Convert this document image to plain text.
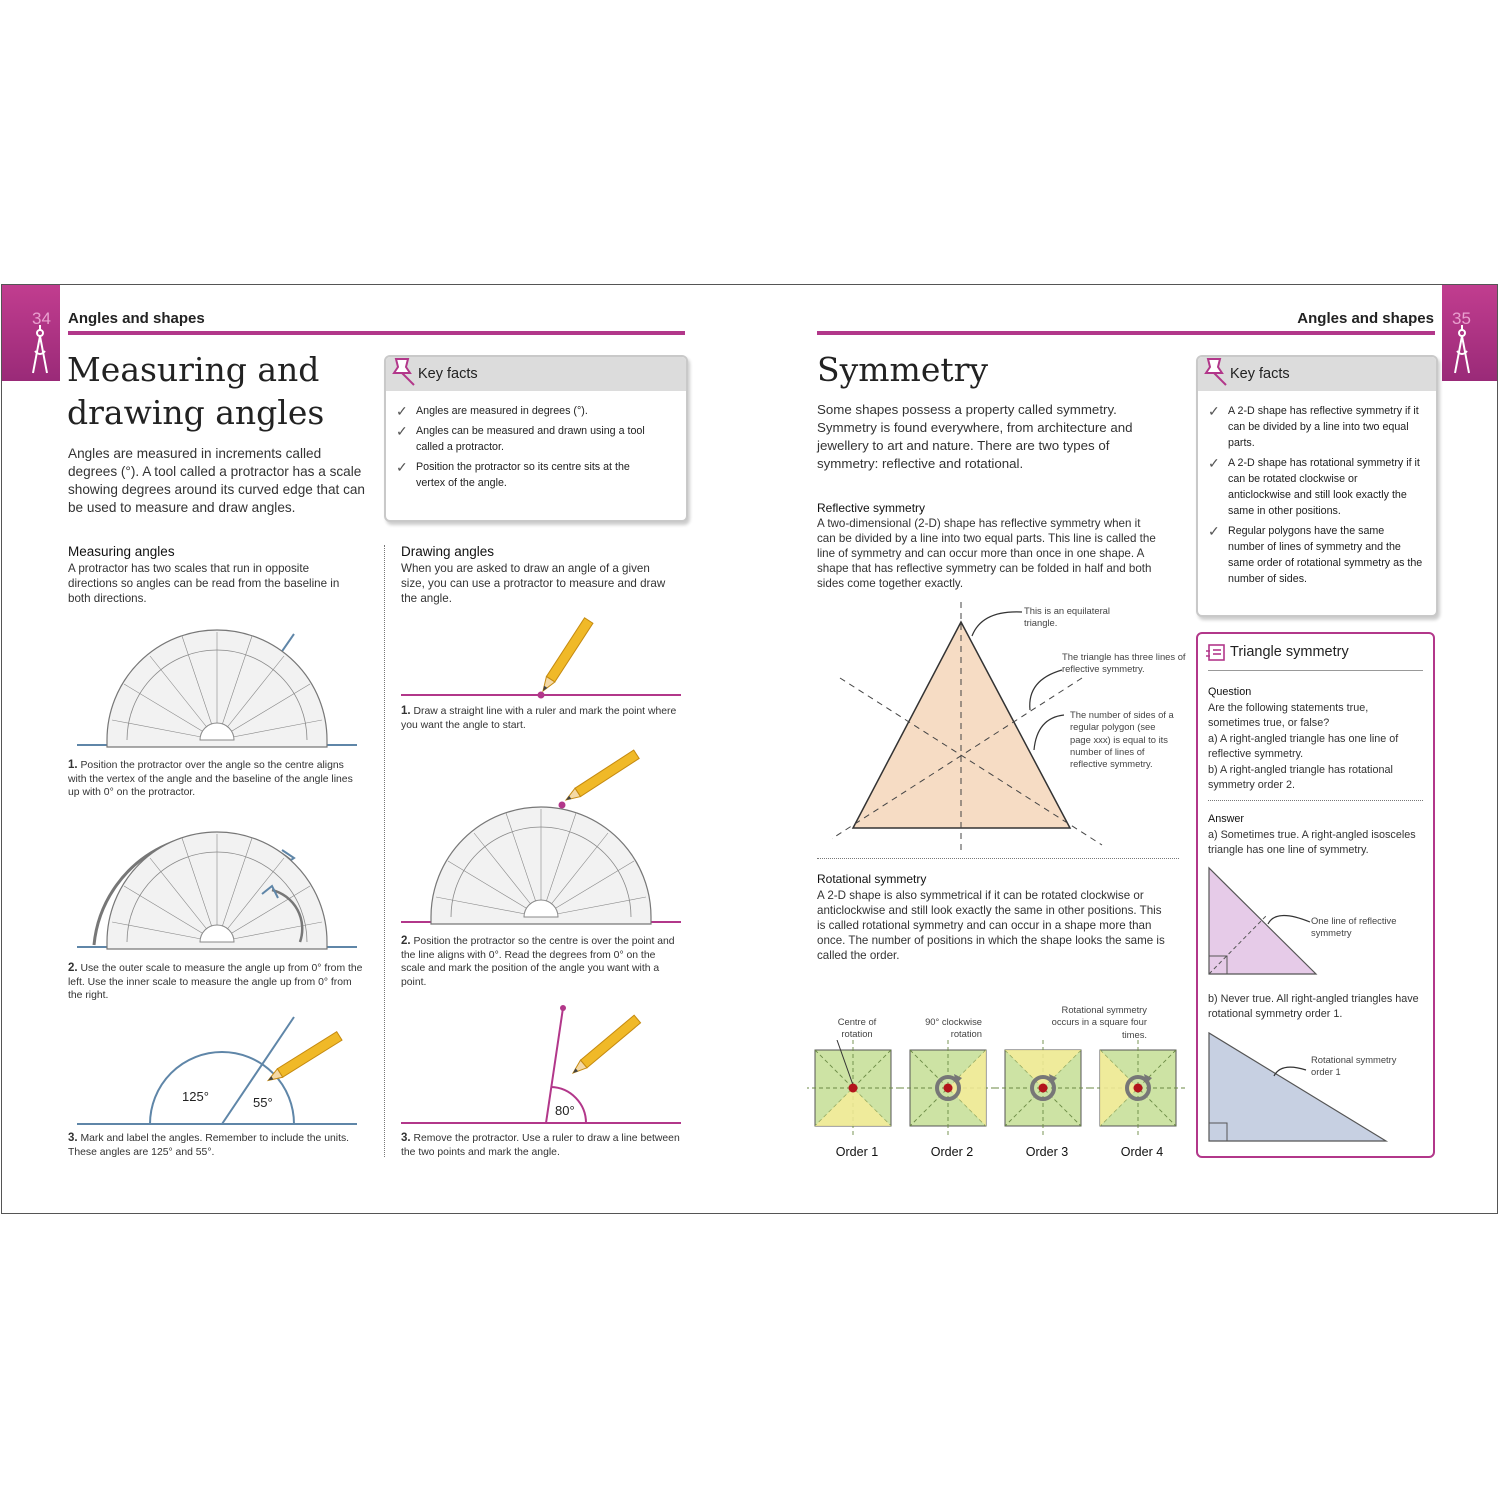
34 Angles and shapes
Measuring and
drawing angles
Angles are measured in increments called degrees (°). A tool called a protractor has a scale showing degrees around its curved edge that can be used to measure and draw angles.
Key facts
✓ Angles are measured in degrees (°).
✓ Angles can be measured and drawn using a tool called a protractor.
✓ Position the protractor so its centre sits at the vertex of the angle.
Measuring angles
A protractor has two scales that run in opposite directions so angles can be read from the baseline in both directions.
1. Position the protractor over the angle so the centre aligns with the vertex of the angle and the baseline of the angle lines up with 0° on the protractor.
2. Use the outer scale to measure the angle up from 0° from the left. Use the inner scale to measure the angle up from 0° from the right.
125°	55°
3. Mark and label the angles. Remember to include the units. These angles are 125° and 55°.
Drawing angles
When you are asked to draw an angle of a given size, you can use a protractor to measure and draw the angle.
1. Draw a straight line with a ruler and mark the point where you want the angle to start.
2. Position the protractor so the centre is over the point and the line aligns with 0°. Read the degrees from 0° on the scale and mark the position of the angle you want with a point.
80°
3. Remove the protractor. Use a ruler to draw a line between the two points and mark the angle.
35
Angles and shapes
Symmetry
Some shapes possess a property called symmetry. Symmetry is found everywhere, from architecture and jewellery to art and nature. There are two types of symmetry: reflective and rotational.
Reflective symmetry
A two-dimensional (2-D) shape has reflective symmetry when it can be divided by a line into two equal parts. This line is called the line of symmetry and can occur more than once in one shape. A shape that has reflective symmetry can be folded in half and both sides come together exactly.
This is an equilateral triangle.
The triangle has three lines of reflective symmetry.
The number of sides of a regular polygon (see page xxx) is equal to its number of lines of reflective symmetry.
Rotational symmetry
A 2-D shape is also symmetrical if it can be rotated clockwise or anticlockwise and still look exactly the same in other positions. This is called rotational symmetry and can occur in a shape more than once. The number of positions in which the shape looks the same is called the order.
Centre of rotation
90° clockwise rotation
Rotational symmetry occurs in a square four times.
Order 1	Order 2	Order 3	Order 4
Key facts
✓ A 2-D shape has reflective symmetry if it can be divided by a line into two equal parts.
✓ A 2-D shape has rotational symmetry if it can be rotated clockwise or anticlockwise and still look exactly the same in other positions.
✓ Regular polygons have the same number of lines of symmetry and the same order of rotational symmetry as the number of sides.
Triangle symmetry
Question
Are the following statements true, sometimes true, or false?
a) A right-angled triangle has one line of reflective symmetry.
b) A right-angled triangle has rotational symmetry order 2.
Answer
a) Sometimes true. A right-angled isosceles triangle has one line of symmetry.
One line of reflective symmetry
b) Never true. All right-angled triangles have rotational symmetry order 1.
Rotational symmetry order 1
